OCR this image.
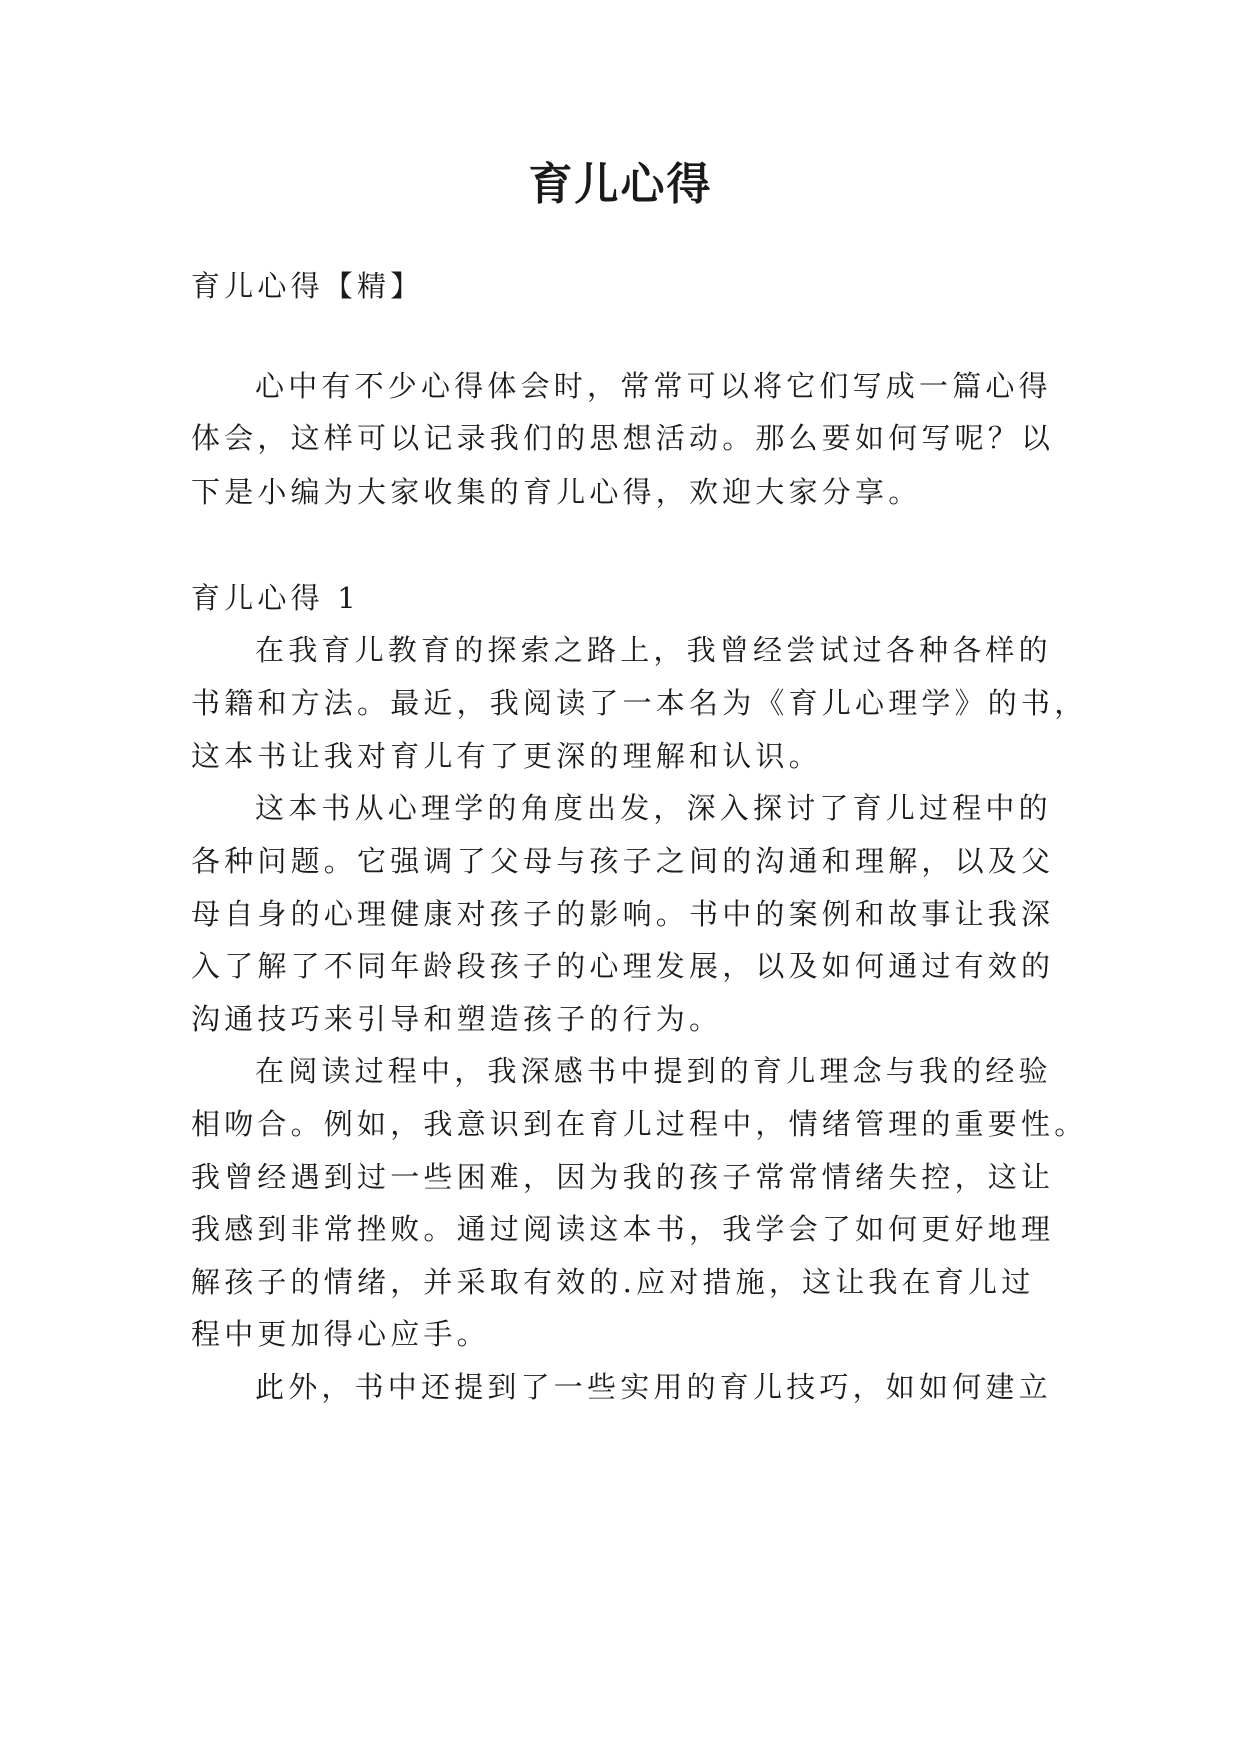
育儿心得
育儿心得【精】
心中有不少心得体会时，常常可以将它们写成一篇心得
体会，这样可以记录我们的思想活动。那么要如何写呢？以
下是小编为大家收集的育儿心得，欢迎大家分享。
育儿心得 1
在我育儿教育的探索之路上，我曾经尝试过各种各样的
书籍和方法。最近，我阅读了一本名为《育儿心理学》的书，
这本书让我对育儿有了更深的理解和认识。
这本书从心理学的角度出发，深入探讨了育儿过程中的
各种问题。它强调了父母与孩子之间的沟通和理解，以及父
母自身的心理健康对孩子的影响。书中的案例和故事让我深
入了解了不同年龄段孩子的心理发展，以及如何通过有效的
沟通技巧来引导和塑造孩子的行为。
在阅读过程中，我深感书中提到的育儿理念与我的经验
相吻合。例如，我意识到在育儿过程中，情绪管理的重要性。
我曾经遇到过一些困难，因为我的孩子常常情绪失控，这让
我感到非常挫败。通过阅读这本书，我学会了如何更好地理
解孩子的情绪，并采取有效的.应对措施，这让我在育儿过
程中更加得心应手。
此外，书中还提到了一些实用的育儿技巧，如如何建立
